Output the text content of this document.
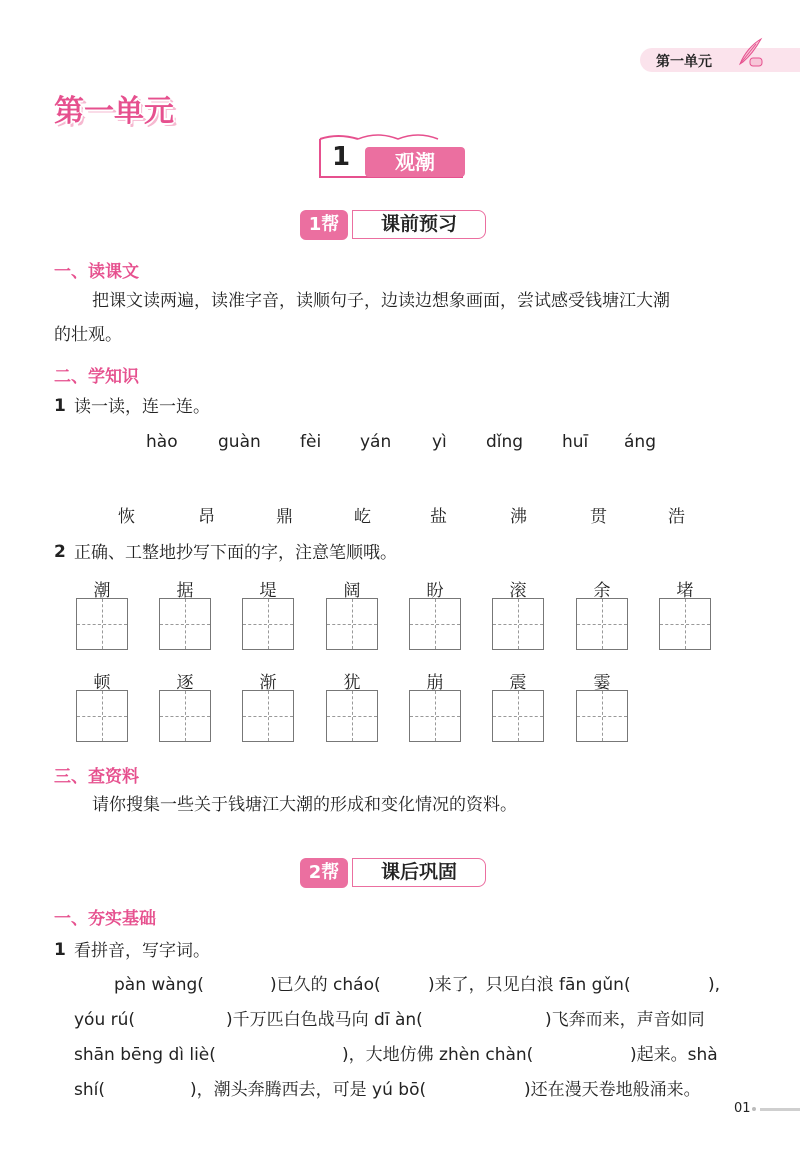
第一单元
第一单元
1	观潮
1帮	课前预习
一、读课文
把课文读两遍，读准字音，读顺句子，边读边想象画面，尝试感受钱塘江大潮
的壮观。
二、学知识
1 读一读，连一连。
hào guàn fèi yán yì dǐng huī áng
恢	昂	鼎	屹	盐	沸	贯	浩
2 正确、工整地抄写下面的字，注意笔顺哦。
潮	据	堤	阔	盼	滚	余	堵
顿	逐	渐	犹	崩	震	霎
三、查资料
请你搜集一些关于钱塘江大潮的形成和变化情况的资料。
2帮	课后巩固
一、夯实基础
1 看拼音，写字词。
pàn wàng(	)已久的 cháo(	)来了，只见白浪 fān gǔn(	),
yóu rú(	)千万匹白色战马向 dī àn(	)飞奔而来，声音如同
shān bēng dì liè(	)，大地仿佛 zhèn chàn(	)起来。shà
shí(	)，潮头奔腾西去，可是 yú bō(	)还在漫天卷地般涌来。
01
